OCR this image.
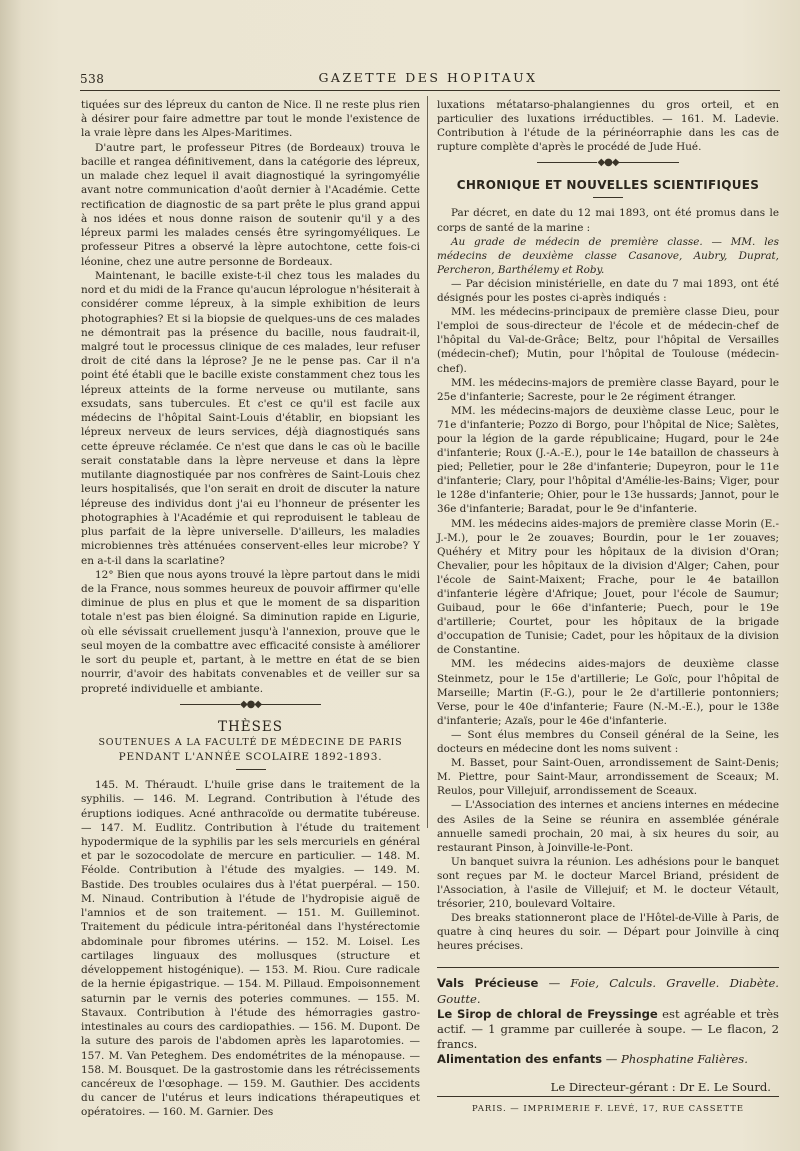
538	GAZETTE DES HOPITAUX

tiquées sur des lépreux du canton de Nice. Il ne reste plus rien à désirer pour faire admettre par tout le monde l'existence de la vraie lèpre dans les Alpes-Maritimes.

D'autre part, le professeur Pitres (de Bordeaux) trouva le bacille et rangea définitivement, dans la catégorie des lépreux, un malade chez lequel il avait diagnostiqué la syringomyélie avant notre communication d'août dernier à l'Académie. Cette rectification de diagnostic de sa part prête le plus grand appui à nos idées et nous donne raison de soutenir qu'il y a des lépreux parmi les malades censés être syringomyéliques. Le professeur Pitres a observé la lèpre autochtone, cette fois-ci léonine, chez une autre personne de Bordeaux.

Maintenant, le bacille existe-t-il chez tous les malades du nord et du midi de la France qu'aucun léprologue n'hésiterait à considérer comme lépreux, à la simple exhibition de leurs photographies? Et si la biopsie de quelques-uns de ces malades ne démontrait pas la présence du bacille, nous faudrait-il, malgré tout le processus clinique de ces malades, leur refuser droit de cité dans la léprose? Je ne le pense pas. Car il n'a point été établi que le bacille existe constamment chez tous les lépreux atteints de la forme nerveuse ou mutilante, sans exsudats, sans tubercules. Et c'est ce qu'il est facile aux médecins de l'hôpital Saint-Louis d'établir, en biopsiant les lépreux nerveux de leurs services, déjà diagnostiqués sans cette épreuve réclamée. Ce n'est que dans le cas où le bacille serait constatable dans la lèpre nerveuse et dans la lèpre mutilante diagnostiquée par nos confrères de Saint-Louis chez leurs hospitalisés, que l'on serait en droit de discuter la nature lépreuse des individus dont j'ai eu l'honneur de présenter les photographies à l'Académie et qui reproduisent le tableau de plus parfait de la lèpre universelle. D'ailleurs, les maladies microbiennes très atténuées conservent-elles leur microbe? Y en a-t-il dans la scarlatine?

12° Bien que nous ayons trouvé la lèpre partout dans le midi de la France, nous sommes heureux de pouvoir affirmer qu'elle diminue de plus en plus et que le moment de sa disparition totale n'est pas bien éloigné. Sa diminution rapide en Ligurie, où elle sévissait cruellement jusqu'à l'annexion, prouve que le seul moyen de la combattre avec efficacité consiste à améliorer le sort du peuple et, partant, à le mettre en état de se bien nourrir, d'avoir des habitats convenables et de veiller sur sa propreté individuelle et ambiante.

◆●◆
THÈSES
SOUTENUES A LA FACULTÉ DE MÉDECINE DE PARIS
PENDANT L'ANNÉE SCOLAIRE 1892-1893.

145. M. Théraudt. L'huile grise dans le traitement de la syphilis. — 146. M. Legrand. Contribution à l'étude des éruptions iodiques. Acné anthracoïde ou dermatite tubéreuse. — 147. M. Eudlitz. Contribution à l'étude du traitement hypodermique de la syphilis par les sels mercuriels en général et par le sozocodolate de mercure en particulier. — 148. M. Féolde. Contribution à l'étude des myalgies. — 149. M. Bastide. Des troubles oculaires dus à l'état puerpéral. — 150. M. Ninaud. Contribution à l'étude de l'hydropisie aiguë de l'amnios et de son traitement. — 151. M. Guilleminot. Traitement du pédicule intra-péritonéal dans l'hystérectomie abdominale pour fibromes utérins. — 152. M. Loisel. Les cartilages linguaux des mollusques (structure et développement histogénique). — 153. M. Riou. Cure radicale de la hernie épigastrique. — 154. M. Pillaud. Empoisonnement saturnin par le vernis des poteries communes. — 155. M. Stavaux. Contribution à l'étude des hémorragies gastro-intestinales au cours des cardiopathies. — 156. M. Dupont. De la suture des parois de l'abdomen après les laparotomies. — 157. M. Van Peteghem. Des endométrites de la ménopause. — 158. M. Bousquet. De la gastrostomie dans les rétrécissements cancéreux de l'œsophage. — 159. M. Gauthier. Des accidents du cancer de l'utérus et leurs indications thérapeutiques et opératoires. — 160. M. Garnier. Des

luxations métatarso-phalangiennes du gros orteil, et en particulier des luxations irréductibles. — 161. M. Ladevie. Contribution à l'étude de la périnéorraphie dans les cas de rupture complète d'après le procédé de Jude Hué.

◆●◆
CHRONIQUE ET NOUVELLES SCIENTIFIQUES

Par décret, en date du 12 mai 1893, ont été promus dans le corps de santé de la marine :

Au grade de médecin de première classe. — MM. les médecins de deuxième classe Casanove, Aubry, Duprat, Percheron, Barthélemy et Roby.

— Par décision ministérielle, en date du 7 mai 1893, ont été désignés pour les postes ci-après indiqués :

MM. les médecins-principaux de première classe Dieu, pour l'emploi de sous-directeur de l'école et de médecin-chef de l'hôpital du Val-de-Grâce; Beltz, pour l'hôpital de Versailles (médecin-chef); Mutin, pour l'hôpital de Toulouse (médecin-chef).

MM. les médecins-majors de première classe Bayard, pour le 25e d'infanterie; Sacreste, pour le 2e régiment étranger.

MM. les médecins-majors de deuxième classe Leuc, pour le 71e d'infanterie; Pozzo di Borgo, pour l'hôpital de Nice; Salètes, pour la légion de la garde républicaine; Hugard, pour le 24e d'infanterie; Roux (J.-A.-E.), pour le 14e bataillon de chasseurs à pied; Pelletier, pour le 28e d'infanterie; Dupeyron, pour le 11e d'infanterie; Clary, pour l'hôpital d'Amélie-les-Bains; Viger, pour le 128e d'infanterie; Ohier, pour le 13e hussards; Jannot, pour le 36e d'infanterie; Baradat, pour le 9e d'infanterie.

MM. les médecins aides-majors de première classe Morin (E.-J.-M.), pour le 2e zouaves; Bourdin, pour le 1er zouaves; Quéhéry et Mitry pour les hôpitaux de la division d'Oran; Chevalier, pour les hôpitaux de la division d'Alger; Cahen, pour l'école de Saint-Maixent; Frache, pour le 4e bataillon d'infanterie légère d'Afrique; Jouet, pour l'école de Saumur; Guibaud, pour le 66e d'infanterie; Puech, pour le 19e d'artillerie; Courtet, pour les hôpitaux de la brigade d'occupation de Tunisie; Cadet, pour les hôpitaux de la division de Constantine.

MM. les médecins aides-majors de deuxième classe Steinmetz, pour le 15e d'artillerie; Le Goïc, pour l'hôpital de Marseille; Martin (F.-G.), pour le 2e d'artillerie pontonniers; Verse, pour le 40e d'infanterie; Faure (N.-M.-E.), pour le 138e d'infanterie; Azaïs, pour le 46e d'infanterie.

— Sont élus membres du Conseil général de la Seine, les docteurs en médecine dont les noms suivent :

M. Basset, pour Saint-Ouen, arrondissement de Saint-Denis; M. Piettre, pour Saint-Maur, arrondissement de Sceaux; M. Reulos, pour Villejuif, arrondissement de Sceaux.

— L'Association des internes et anciens internes en médecine des Asiles de la Seine se réunira en assemblée générale annuelle samedi prochain, 20 mai, à six heures du soir, au restaurant Pinson, à Joinville-le-Pont.

Un banquet suivra la réunion. Les adhésions pour le banquet sont reçues par M. le docteur Marcel Briand, président de l'Association, à l'asile de Villejuif; et M. le docteur Vétault, trésorier, 210, boulevard Voltaire.

Des breaks stationneront place de l'Hôtel-de-Ville à Paris, de quatre à cinq heures du soir. — Départ pour Joinville à cinq heures précises.

Vals Précieuse — Foie, Calculs. Gravelle. Diabète. Goutte.
Le Sirop de chloral de Freyssinge est agréable et très actif. — 1 gramme par cuillerée à soupe. — Le flacon, 2 francs.
Alimentation des enfants — Phosphatine Falières.
Le Directeur-gérant : Dr E. Le Sourd.
PARIS. — IMPRIMERIE F. LEVÉ, 17, RUE CASSETTE
